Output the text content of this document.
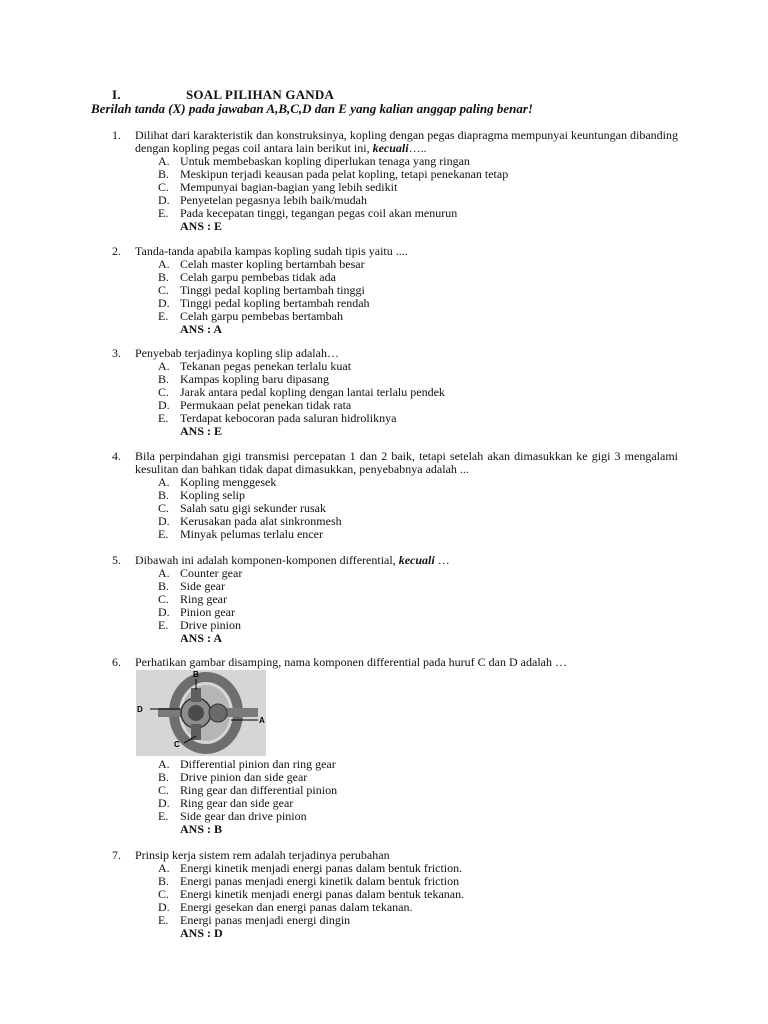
I.	SOAL PILIHAN GANDA
Berilah tanda (X) pada jawaban A,B,C,D dan E yang kalian anggap paling benar!
1. Dilihat dari karakteristik dan konstruksinya, kopling dengan pegas diapragma mempunyai keuntungan dibanding dengan kopling pegas coil antara lain berikut ini, kecuali…..
A. Untuk membebaskan kopling diperlukan tenaga yang ringan
B. Meskipun terjadi keausan pada pelat kopling, tetapi penekanan tetap
C. Mempunyai bagian-bagian yang lebih sedikit
D. Penyetelan pegasnya lebih baik/mudah
E. Pada kecepatan tinggi, tegangan pegas coil akan menurun
ANS : E
2. Tanda-tanda apabila kampas kopling sudah tipis yaitu ....
A. Celah master kopling bertambah besar
B. Celah garpu pembebas tidak ada
C. Tinggi pedal kopling bertambah tinggi
D. Tinggi pedal kopling bertambah rendah
E. Celah garpu pembebas bertambah
ANS : A
3. Penyebab terjadinya kopling slip adalah…
A. Tekanan pegas penekan terlalu kuat
B. Kampas kopling baru dipasang
C. Jarak antara pedal kopling dengan lantai terlalu pendek
D. Permukaan pelat penekan tidak rata
E. Terdapat kebocoran pada saluran hidroliknya
ANS : E
4. Bila perpindahan gigi transmisi percepatan 1 dan 2 baik, tetapi setelah akan dimasukkan ke gigi 3 mengalami kesulitan dan bahkan tidak dapat dimasukkan, penyebabnya adalah ...
A. Kopling menggesek
B. Kopling selip
C. Salah satu gigi sekunder rusak
D. Kerusakan pada alat sinkronmesh
E. Minyak pelumas terlalu encer
5. Dibawah ini adalah komponen-komponen differential, kecuali …
A. Counter gear
B. Side gear
C. Ring gear
D. Pinion gear
E. Drive pinion
ANS : A
6. Perhatikan gambar disamping, nama komponen differential pada huruf C dan D adalah …
B
D
A
C
A. Differential pinion dan ring gear
B. Drive pinion dan side gear
C. Ring gear dan differential pinion
D. Ring gear dan side gear
E. Side gear dan drive pinion
ANS : B
7. Prinsip kerja sistem rem adalah terjadinya perubahan
A. Energi kinetik menjadi energi panas dalam bentuk friction.
B. Energi panas menjadi energi kinetik dalam bentuk friction
C. Energi kinetik menjadi energi panas dalam bentuk tekanan.
D. Energi gesekan dan energi panas dalam tekanan.
E. Energi panas menjadi energi dingin
ANS : D
